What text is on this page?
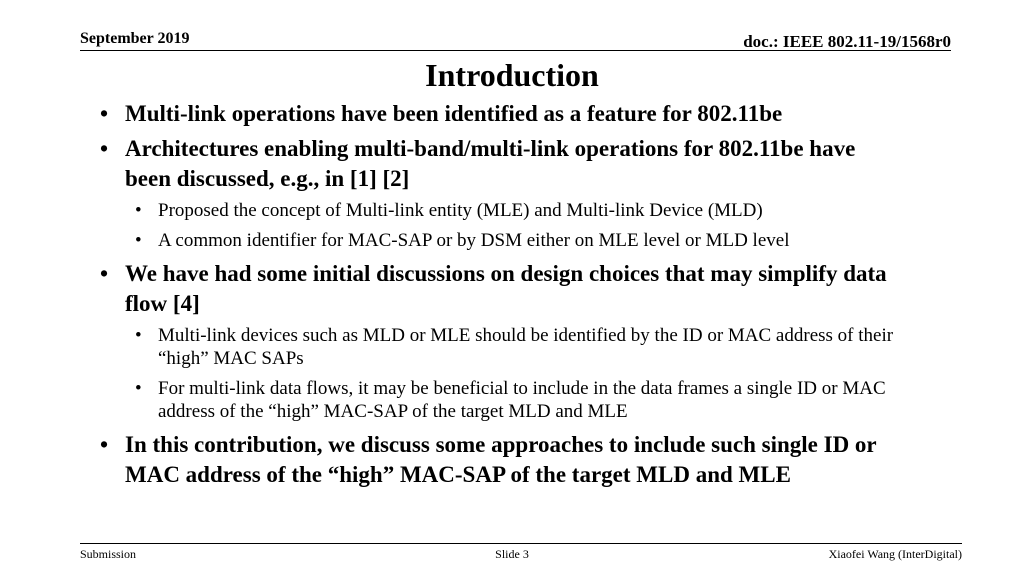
September 2019	doc.: IEEE 802.11-19/1568r0
Introduction
• Multi-link operations have been identified as a feature for 802.11be
• Architectures enabling multi-band/multi-link operations for 802.11be have been discussed, e.g., in [1] [2]
• Proposed the concept of Multi-link entity (MLE) and Multi-link Device (MLD)
• A common identifier for MAC-SAP or by DSM either on MLE level or MLD level
• We have had some initial discussions on design choices that may simplify data flow [4]
• Multi-link devices such as MLD or MLE should be identified by the ID or MAC address of their “high” MAC SAPs
• For multi-link data flows, it may be beneficial to include in the data frames a single ID or MAC address of the “high” MAC-SAP of the target MLD and MLE
• In this contribution, we discuss some approaches to include such single ID or MAC address of the “high” MAC-SAP of the target MLD and MLE
Submission	Slide 3	Xiaofei Wang (InterDigital)
